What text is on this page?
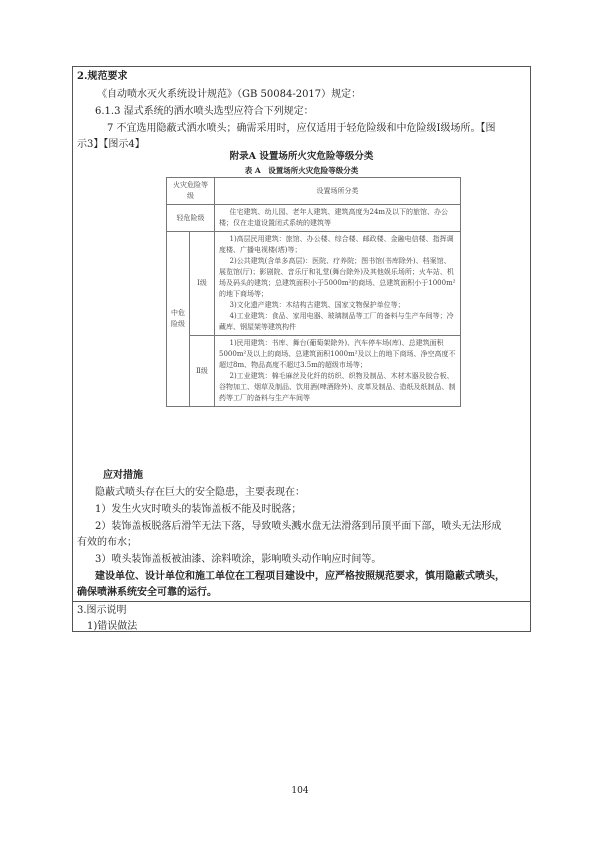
2.规范要求
《自动喷水灭火系统设计规范》（GB 50084-2017）规定：
6.1.3 湿式系统的洒水喷头选型应符合下列规定：
7 不宜选用隐蔽式洒水喷头；确需采用时，应仅适用于轻危险级和中危险级Ⅰ级场所。【图
示3】【图示4】
附录A 设置场所火灾危险等级分类
表 A　设置场所火灾危险等级分类
火灾危险等级		设置场所分类
轻危险级		住宅建筑、幼儿园、老年人建筑、建筑高度为24m及以下的旅馆、办公楼；仅在走道设置闭式系统的建筑等

中危险级	Ⅰ级	1)高层民用建筑：旅馆、办公楼、综合楼、邮政楼、金融电信楼、指挥调度楼、广播电视楼(塔)等；

2)公共建筑(含单多高层)：医院、疗养院；图书馆(书库除外)、档案馆、展览馆(厅)；影剧院、音乐厅和礼堂(舞台除外)及其他娱乐场所；火车站、机场及码头的建筑；总建筑面积小于5000m²的商场、总建筑面积小于1000m²的地下商场等；

3)文化遗产建筑：木结构古建筑、国家文物保护单位等；

4)工业建筑：食品、家用电器、玻璃制品等工厂的备料与生产车间等；冷藏库、钢屋架等建筑构件

	Ⅱ级	1)民用建筑：书库、舞台(葡萄架除外)、汽车停车场(库)、总建筑面积5000m²及以上的商场、总建筑面积1000m²及以上的地下商场、净空高度不超过8m、物品高度不超过3.5m的超级市场等；

2)工业建筑：棉毛麻丝及化纤的纺织、织物及制品、木材木器及胶合板、谷物加工、烟草及制品、饮用酒(啤酒除外)、皮革及制品、造纸及纸制品、制药等工厂的备料与生产车间等

应对措施
隐蔽式喷头存在巨大的安全隐患，主要表现在：
1）发生火灾时喷头的装饰盖板不能及时脱落；
2）装饰盖板脱落后滑竿无法下落，导致喷头溅水盘无法滑落到吊顶平面下部，喷头无法形成
有效的布水；
3）喷头装饰盖板被油漆、涂料喷涂，影响喷头动作响应时间等。
建设单位、设计单位和施工单位在工程项目建设中，应严格按照规范要求，慎用隐蔽式喷头，
确保喷淋系统安全可靠的运行。
3.图示说明
1)错误做法
104
